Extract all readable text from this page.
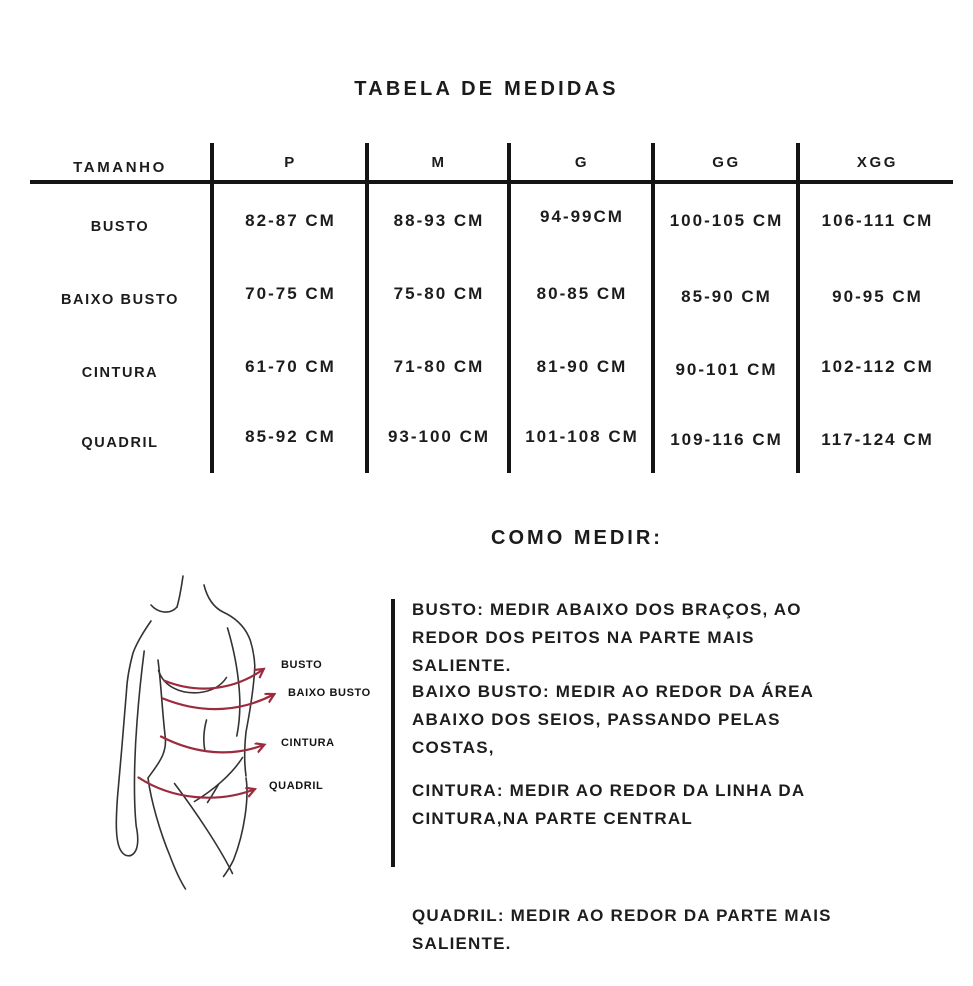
TABELA DE MEDIDAS
TAMANHO	P	M	G	GG	XGG
BUSTO	82-87 CM	88-93 CM	94-99CM	100-105 CM	106-111 CM
BAIXO BUSTO	70-75 CM	75-80 CM	80-85 CM	85-90 CM	90-95 CM
CINTURA	61-70 CM	71-80 CM	81-90 CM	90-101 CM	102-112 CM
QUADRIL	85-92 CM	93-100 CM	101-108 CM	109-116 CM	117-124 CM
COMO MEDIR:
BUSTO
BAIXO BUSTO
CINTURA
QUADRIL
BUSTO: MEDIR ABAIXO DOS BRAÇOS, AO
REDOR DOS PEITOS NA PARTE MAIS
SALIENTE.
BAIXO BUSTO: MEDIR AO REDOR DA ÁREA
ABAIXO DOS SEIOS, PASSANDO PELAS
COSTAS,
CINTURA: MEDIR AO REDOR DA LINHA DA
CINTURA,NA PARTE CENTRAL
QUADRIL: MEDIR AO REDOR DA PARTE MAIS
SALIENTE.
